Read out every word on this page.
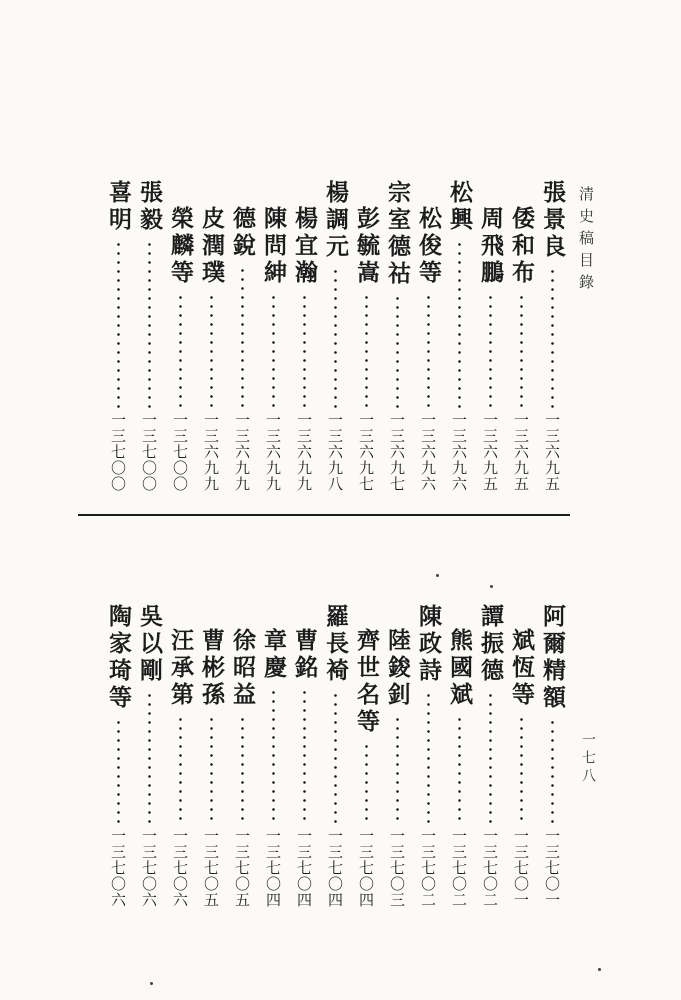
清史稿目錄
一七八
張景良
一三六九五
倭和布
一三六九五
周飛鵬
一三六九五
松興
一三六九六
松俊等
一三六九六
宗室德祜
一三六九七
彭毓嵩
一三六九七
楊調元
一三六九八
楊宜瀚
一三六九九
陳問紳
一三六九九
德銳
一三六九九
皮潤璞
一三六九九
榮麟等
一三七〇〇
張毅
一三七〇〇
喜明
一三七〇〇
阿爾精額
一三七〇一
斌恆等
一三七〇一
譚振德
一三七〇二
熊國斌
一三七〇二
陳政詩
一三七〇二
陸鋑釗
一三七〇三
齊世名等
一三七〇四
羅長裿
一三七〇四
曹銘
一三七〇四
章慶
一三七〇四
徐昭益
一三七〇五
曹彬孫
一三七〇五
汪承第
一三七〇六
吳以剛
一三七〇六
陶家琦等
一三七〇六
